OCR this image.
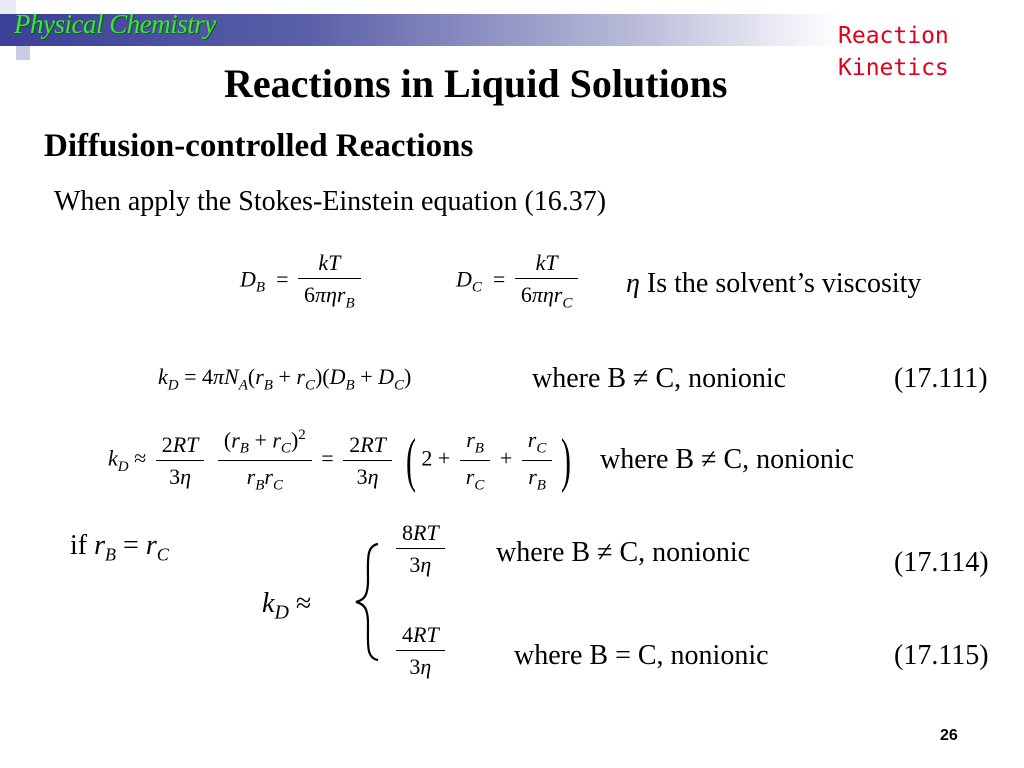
Physical Chemistry	Reaction
Kinetics
Reactions in Liquid Solutions
Diffusion-controlled Reactions
When apply the Stokes-Einstein equation (16.37)
$D_B = \frac{kT}{6\pi\eta r_B}$	$D_C = \frac{kT}{6\pi\eta r_C}$ η Is the solvent’s viscosity
$k_D = 4\pi N_A(r_B + r_C)(D_B + D_C)$	where B ≠ C, nonionic	(17.111)
$k_D \approx \frac{2RT}{3\eta}$
$\frac{(r_B + r_C)^2}{r_Br_C} = \frac{2RT}{3\eta}$ ( $2 + \frac{r_B}{r_C} + \frac{r_C}{r_B}$ ) where B ≠ C, nonionic
if $r_B = r_C$
$k_D$ ≈
$\frac{8RT}{3\eta}$
$\frac{4RT}{3\eta}$
where B ≠ C, nonionic	(17.114)
where B = C, nonionic	(17.115)
26
